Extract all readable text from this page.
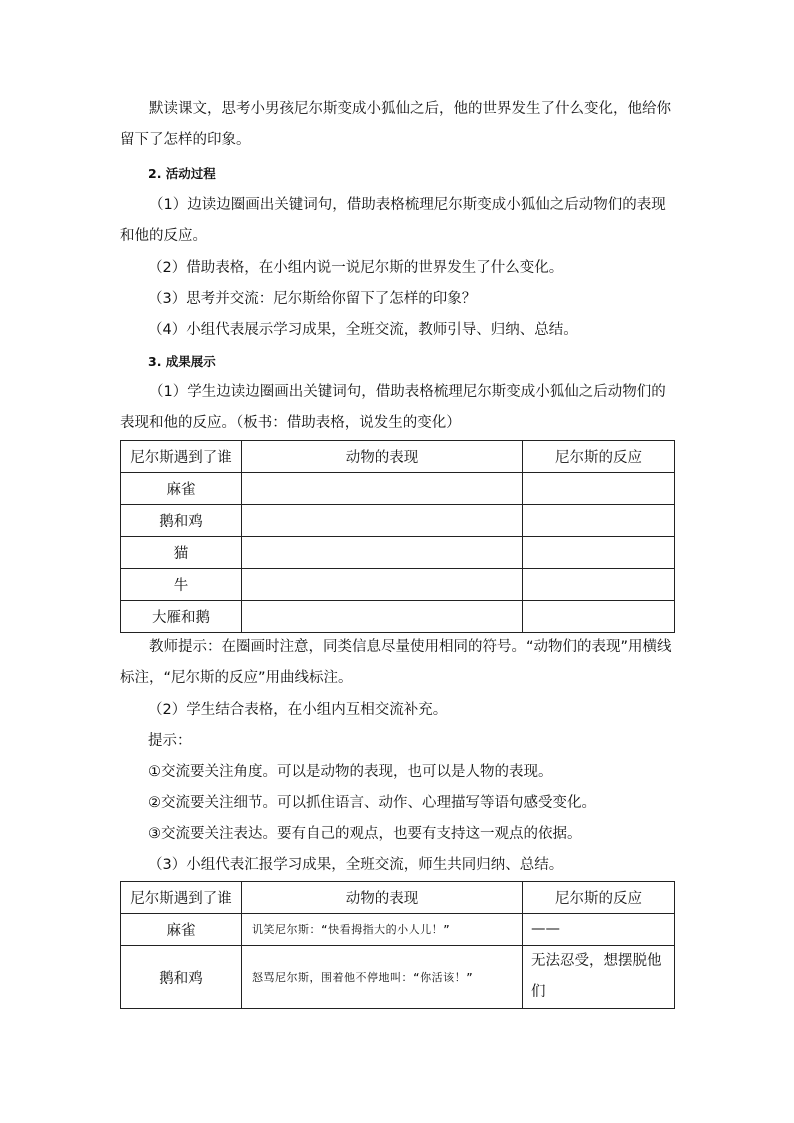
默读课文，思考小男孩尼尔斯变成小狐仙之后，他的世界发生了什么变化，他给你留下了怎样的印象。

2. 活动过程

（1）边读边圈画出关键词句，借助表格梳理尼尔斯变成小狐仙之后动物们的表现和他的反应。

（2）借助表格，在小组内说一说尼尔斯的世界发生了什么变化。

（3）思考并交流：尼尔斯给你留下了怎样的印象？

（4）小组代表展示学习成果，全班交流，教师引导、归纳、总结。

3. 成果展示

（1）学生边读边圈画出关键词句，借助表格梳理尼尔斯变成小狐仙之后动物们的表现和他的反应。（板书：借助表格，说发生的变化）

尼尔斯遇到了谁	动物的表现	尼尔斯的反应
麻雀		
鹅和鸡		
猫		
牛		
大雁和鹅		

教师提示：在圈画时注意，同类信息尽量使用相同的符号。“动物们的表现”用横线标注，“尼尔斯的反应”用曲线标注。

（2）学生结合表格，在小组内互相交流补充。

提示：

①交流要关注角度。可以是动物的表现，也可以是人物的表现。

②交流要关注细节。可以抓住语言、动作、心理描写等语句感受变化。

③交流要关注表达。要有自己的观点，也要有支持这一观点的依据。

（3）小组代表汇报学习成果，全班交流，师生共同归纳、总结。

尼尔斯遇到了谁	动物的表现	尼尔斯的反应
麻雀	讥笑尼尔斯：“快看拇指大的小人儿！”	——
鹅和鸡	怒骂尼尔斯，围着他不停地叫：“你活该！”	无法忍受，想摆脱他们
